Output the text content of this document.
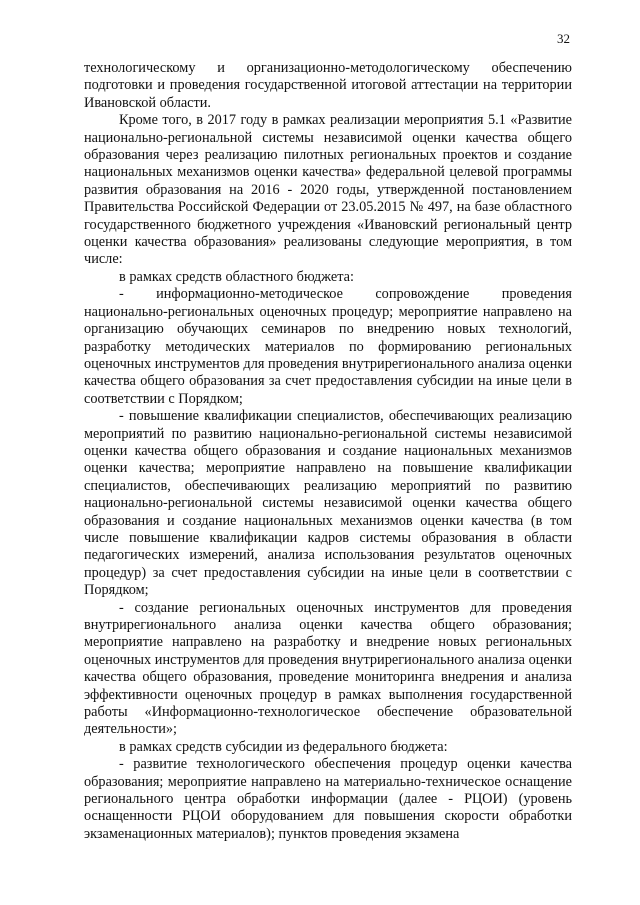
32

технологическому и организационно-методологическому обеспечению подготовки и проведения государственной итоговой аттестации на территории Ивановской области.

Кроме того, в 2017 году в рамках реализации мероприятия 5.1 «Развитие национально-региональной системы независимой оценки качества общего образования через реализацию пилотных региональных проектов и создание национальных механизмов оценки качества» федеральной целевой программы развития образования на 2016 - 2020 годы, утвержденной постановлением Правительства Российской Федерации от 23.05.2015 № 497, на базе областного государственного бюджетного учреждения «Ивановский региональный центр оценки качества образования» реализованы следующие мероприятия, в том числе:

в рамках средств областного бюджета:

- информационно-методическое сопровождение проведения национально-региональных оценочных процедур; мероприятие направлено на организацию обучающих семинаров по внедрению новых технологий, разработку методических материалов по формированию региональных оценочных инструментов для проведения внутрирегионального анализа оценки качества общего образования за счет предоставления субсидии на иные цели в соответствии с Порядком;

- повышение квалификации специалистов, обеспечивающих реализацию мероприятий по развитию национально-региональной системы независимой оценки качества общего образования и создание национальных механизмов оценки качества; мероприятие направлено на повышение квалификации специалистов, обеспечивающих реализацию мероприятий по развитию национально-региональной системы независимой оценки качества общего образования и создание национальных механизмов оценки качества (в том числе повышение квалификации кадров системы образования в области педагогических измерений, анализа использования результатов оценочных процедур) за счет предоставления субсидии на иные цели в соответствии с Порядком;

- создание региональных оценочных инструментов для проведения внутрирегионального анализа оценки качества общего образования; мероприятие направлено на разработку и внедрение новых региональных оценочных инструментов для проведения внутрирегионального анализа оценки качества общего образования, проведение мониторинга внедрения и анализа эффективности оценочных процедур в рамках выполнения государственной работы «Информационно-технологическое обеспечение образовательной деятельности»;

в рамках средств субсидии из федерального бюджета:

- развитие технологического обеспечения процедур оценки качества образования; мероприятие направлено на материально-техническое оснащение регионального центра обработки информации (далее - РЦОИ) (уровень оснащенности РЦОИ оборудованием для повышения скорости обработки экзаменационных материалов); пунктов проведения экзамена
